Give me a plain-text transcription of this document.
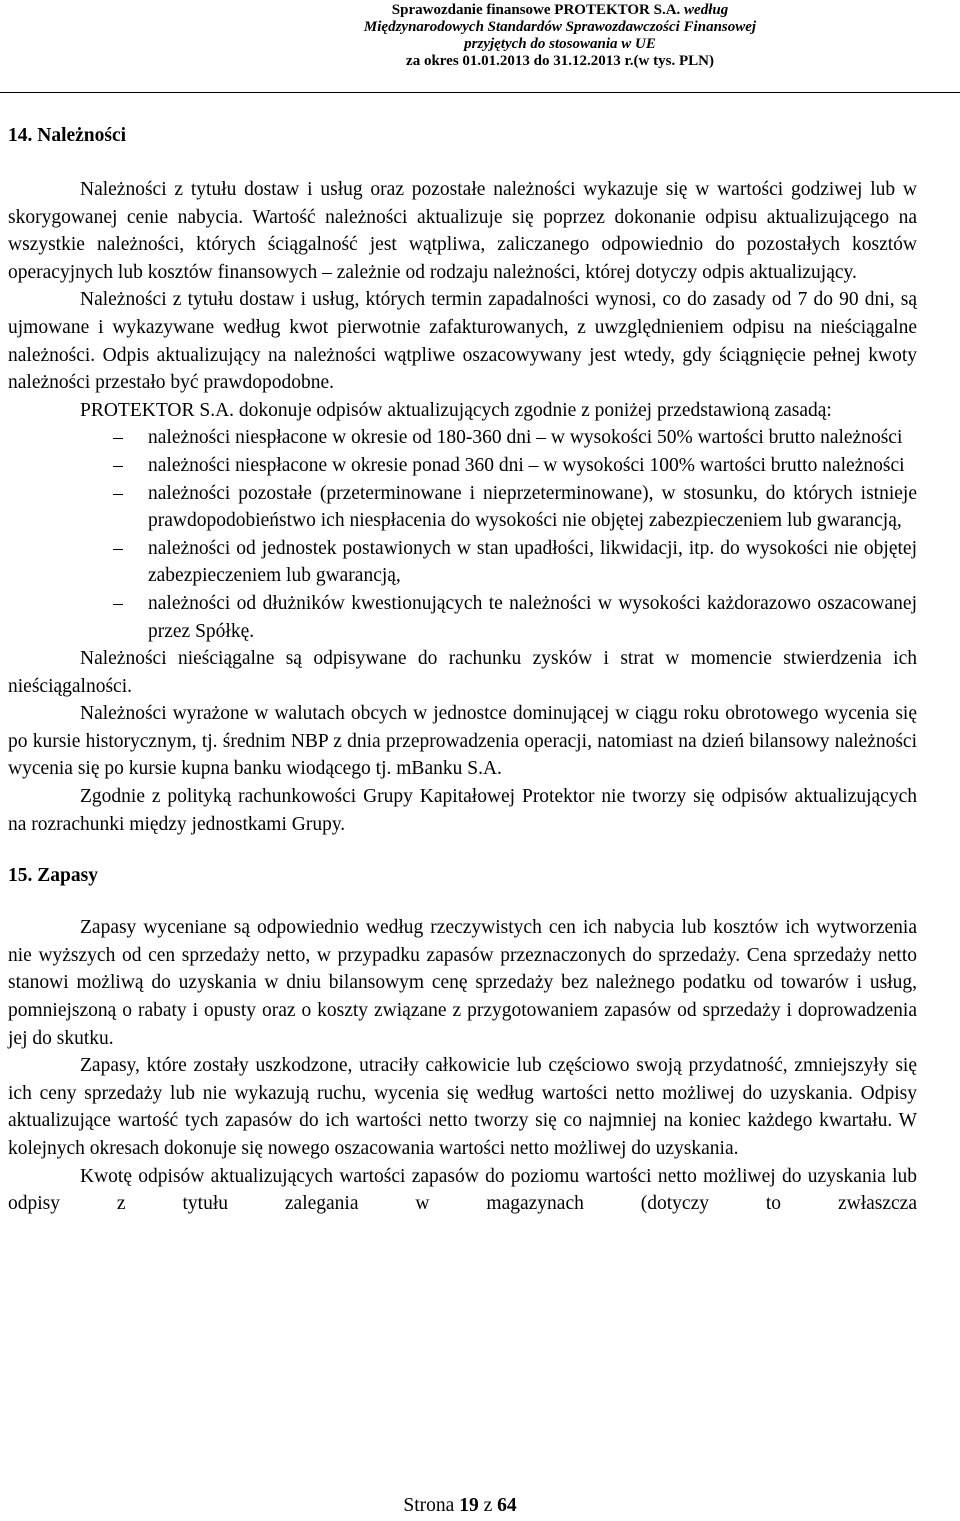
Sprawozdanie finansowe PROTEKTOR S.A. według
Międzynarodowych Standardów Sprawozdawczości Finansowej
przyjętych do stosowania w UE
za okres 01.01.2013 do 31.12.2013 r.(w tys. PLN)
14. Należności

Należności z tytułu dostaw i usług oraz pozostałe należności wykazuje się w wartości godziwej lub w skorygowanej cenie nabycia. Wartość należności aktualizuje się poprzez dokonanie odpisu aktualizującego na wszystkie należności, których ściągalność jest wątpliwa, zaliczanego odpowiednio do pozostałych kosztów operacyjnych lub kosztów finansowych – zależnie od rodzaju należności, której dotyczy odpis aktualizujący.

Należności z tytułu dostaw i usług, których termin zapadalności wynosi, co do zasady od 7 do 90 dni, są ujmowane i wykazywane według kwot pierwotnie zafakturowanych, z uwzględnieniem odpisu na nieściągalne należności. Odpis aktualizujący na należności wątpliwe oszacowywany jest wtedy, gdy ściągnięcie pełnej kwoty należności przestało być prawdopodobne.

PROTEKTOR S.A. dokonuje odpisów aktualizujących zgodnie z poniżej przedstawioną zasadą:

–	należności niespłacone w okresie od 180-360 dni – w wysokości 50% wartości brutto należności
–	należności niespłacone w okresie ponad 360 dni – w wysokości 100% wartości brutto należności
–	należności pozostałe (przeterminowane i nieprzeterminowane), w stosunku, do których istnieje prawdopodobieństwo ich niespłacenia do wysokości nie objętej zabezpieczeniem lub gwarancją,
–	należności od jednostek postawionych w stan upadłości, likwidacji, itp. do wysokości nie objętej zabezpieczeniem lub gwarancją,
–	należności od dłużników kwestionujących te należności w wysokości każdorazowo oszacowanej przez Spółkę.

Należności nieściągalne są odpisywane do rachunku zysków i strat w momencie stwierdzenia ich nieściągalności.

Należności wyrażone w walutach obcych w jednostce dominującej w ciągu roku obrotowego wycenia się po kursie historycznym, tj. średnim NBP z dnia przeprowadzenia operacji, natomiast na dzień bilansowy należności wycenia się po kursie kupna banku wiodącego tj. mBanku S.A.

Zgodnie z polityką rachunkowości Grupy Kapitałowej Protektor nie tworzy się odpisów aktualizujących na rozrachunki między jednostkami Grupy.

15. Zapasy

Zapasy wyceniane są odpowiednio według rzeczywistych cen ich nabycia lub kosztów ich wytworzenia nie wyższych od cen sprzedaży netto, w przypadku zapasów przeznaczonych do sprzedaży. Cena sprzedaży netto stanowi możliwą do uzyskania w dniu bilansowym cenę sprzedaży bez należnego podatku od towarów i usług, pomniejszoną o rabaty i opusty oraz o koszty związane z przygotowaniem zapasów od sprzedaży i doprowadzenia jej do skutku.

Zapasy, które zostały uszkodzone, utraciły całkowicie lub częściowo swoją przydatność, zmniejszyły się ich ceny sprzedaży lub nie wykazują ruchu, wycenia się według wartości netto możliwej do uzyskania. Odpisy aktualizujące wartość tych zapasów do ich wartości netto tworzy się co najmniej na koniec każdego kwartału. W kolejnych okresach dokonuje się nowego oszacowania wartości netto możliwej do uzyskania.

Kwotę odpisów aktualizujących wartości zapasów do poziomu wartości netto możliwej do uzyskania lub odpisy z tytułu zalegania w magazynach (dotyczy to zwłaszcza

Strona 19 z 64
